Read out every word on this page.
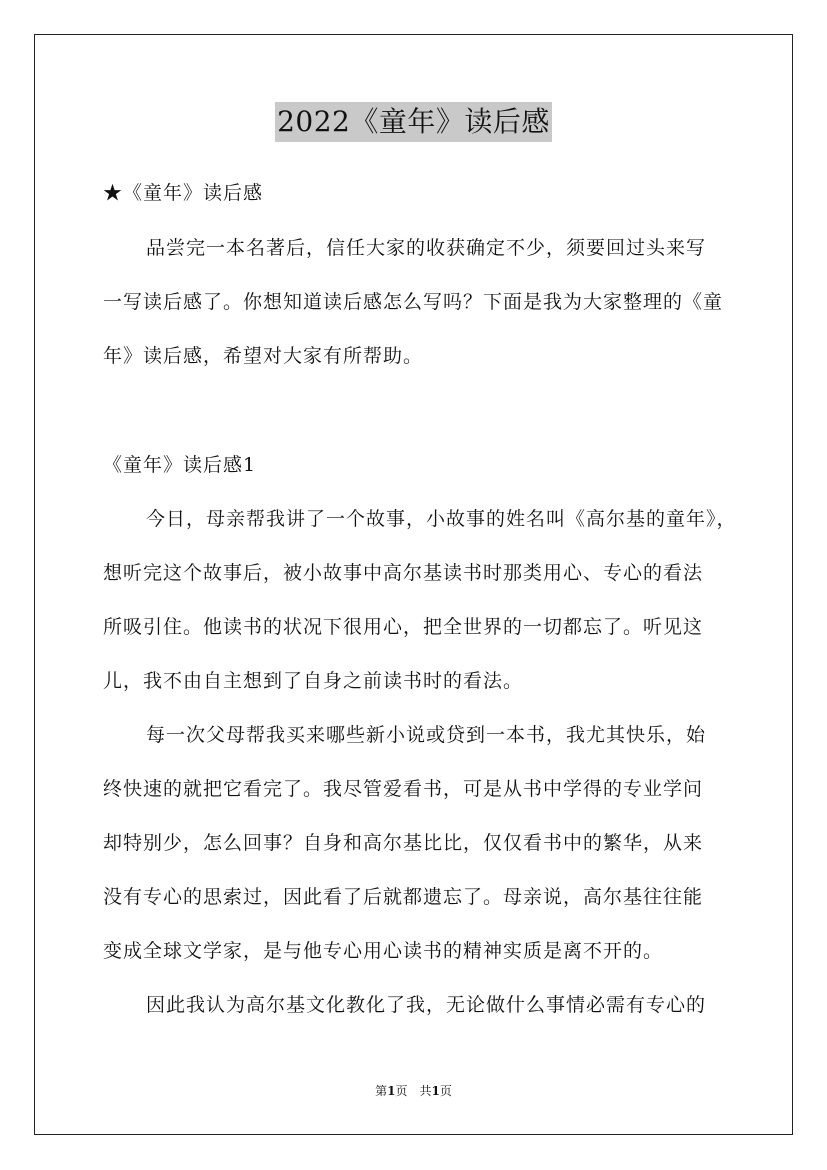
2022《童年》读后感
★《童年》读后感
品尝完一本名著后，信任大家的收获确定不少，须要回过头来写
一写读后感了。你想知道读后感怎么写吗？下面是我为大家整理的《童
年》读后感，希望对大家有所帮助。
《童年》读后感1
今日，母亲帮我讲了一个故事，小故事的姓名叫《高尔基的童年》，
想听完这个故事后，被小故事中高尔基读书时那类用心、专心的看法
所吸引住。他读书的状况下很用心，把全世界的一切都忘了。听见这
儿，我不由自主想到了自身之前读书时的看法。
每一次父母帮我买来哪些新小说或贷到一本书，我尤其快乐，始
终快速的就把它看完了。我尽管爱看书，可是从书中学得的专业学问
却特别少，怎么回事？自身和高尔基比比，仅仅看书中的繁华，从来
没有专心的思索过，因此看了后就都遗忘了。母亲说，高尔基往往能
变成全球文学家，是与他专心用心读书的精神实质是离不开的。
因此我认为高尔基文化教化了我，无论做什么事情必需有专心的
第1页　共1页
